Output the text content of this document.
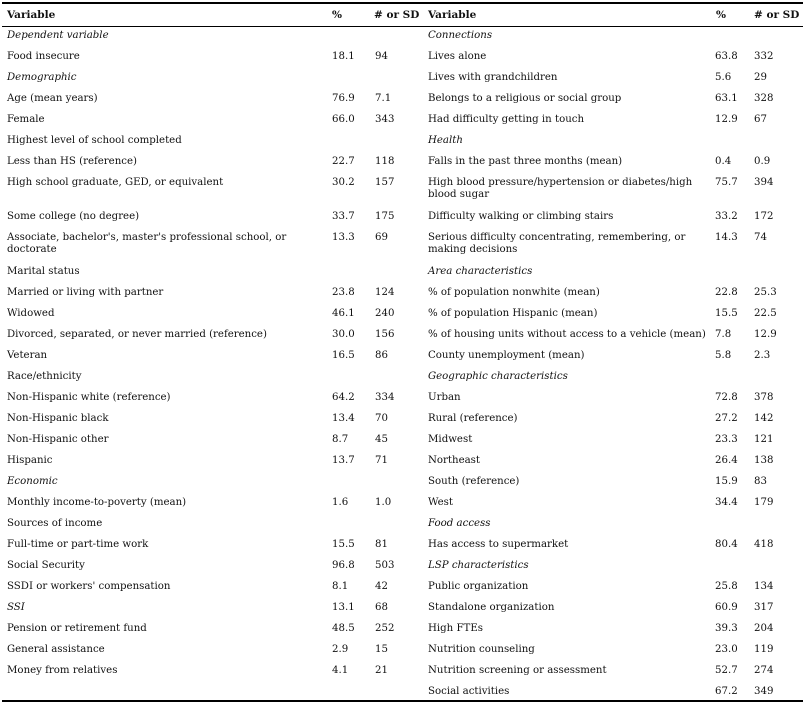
Variable	%	# or SD Variable	%	# or SD
Dependent variable
Food insecure	18.1 94
Demographic
Age (mean years)	76.9 7.1
Female	66.0 343
Highest level of school completed
Less than HS (reference)	22.7 118
High school graduate, GED, or equivalent	30.2 157
Some college (no degree)	33.7 175
Associate, bachelor's, master's professional school, or doctorate
13.3 69
Marital status
Married or living with partner	23.8 124
Widowed	46.1 240
Divorced, separated, or never married (reference)	30.0 156
Veteran	16.5 86
Race/ethnicity
Non-Hispanic white (reference)	64.2 334
Non-Hispanic black	13.4 70
Non-Hispanic other	8.7	45
Hispanic	13.7 71
Economic
Monthly income-to-poverty (mean)	1.6	1.0
Sources of income
Full-time or part-time work	15.5 81
Social Security	96.8 503
SSDI or workers' compensation	8.1	42
SSI	13.1 68
Pension or retirement fund	48.5 252
General assistance	2.9	15
Money from relatives	4.1	21
Connections
Lives alone	63.8 332
Lives with grandchildren	5.6 29
Belongs to a religious or social group	63.1 328
Had difficulty getting in touch	12.9 67
Health
Falls in the past three months (mean)	0.4 0.9
High blood pressure/hypertension or diabetes/high blood sugar
75.7 394
Difficulty walking or climbing stairs	33.2 172
Serious difficulty concentrating, remembering, or making decisions
14.3 74
Area characteristics
% of population nonwhite (mean)	22.8 25.3
% of population Hispanic (mean)	15.5 22.5
% of housing units without access to a vehicle (mean) 7.8 12.9
County unemployment (mean)	5.8 2.3
Geographic characteristics
Urban	72.8 378
Rural (reference)	27.2 142
Midwest	23.3 121
Northeast	26.4 138
South (reference)	15.9 83
West	34.4 179
Food access
Has access to supermarket	80.4 418
LSP characteristics
Public organization	25.8 134
Standalone organization	60.9 317
High FTEs	39.3 204
Nutrition counseling	23.0 119
Nutrition screening or assessment	52.7 274
Social activities	67.2 349
